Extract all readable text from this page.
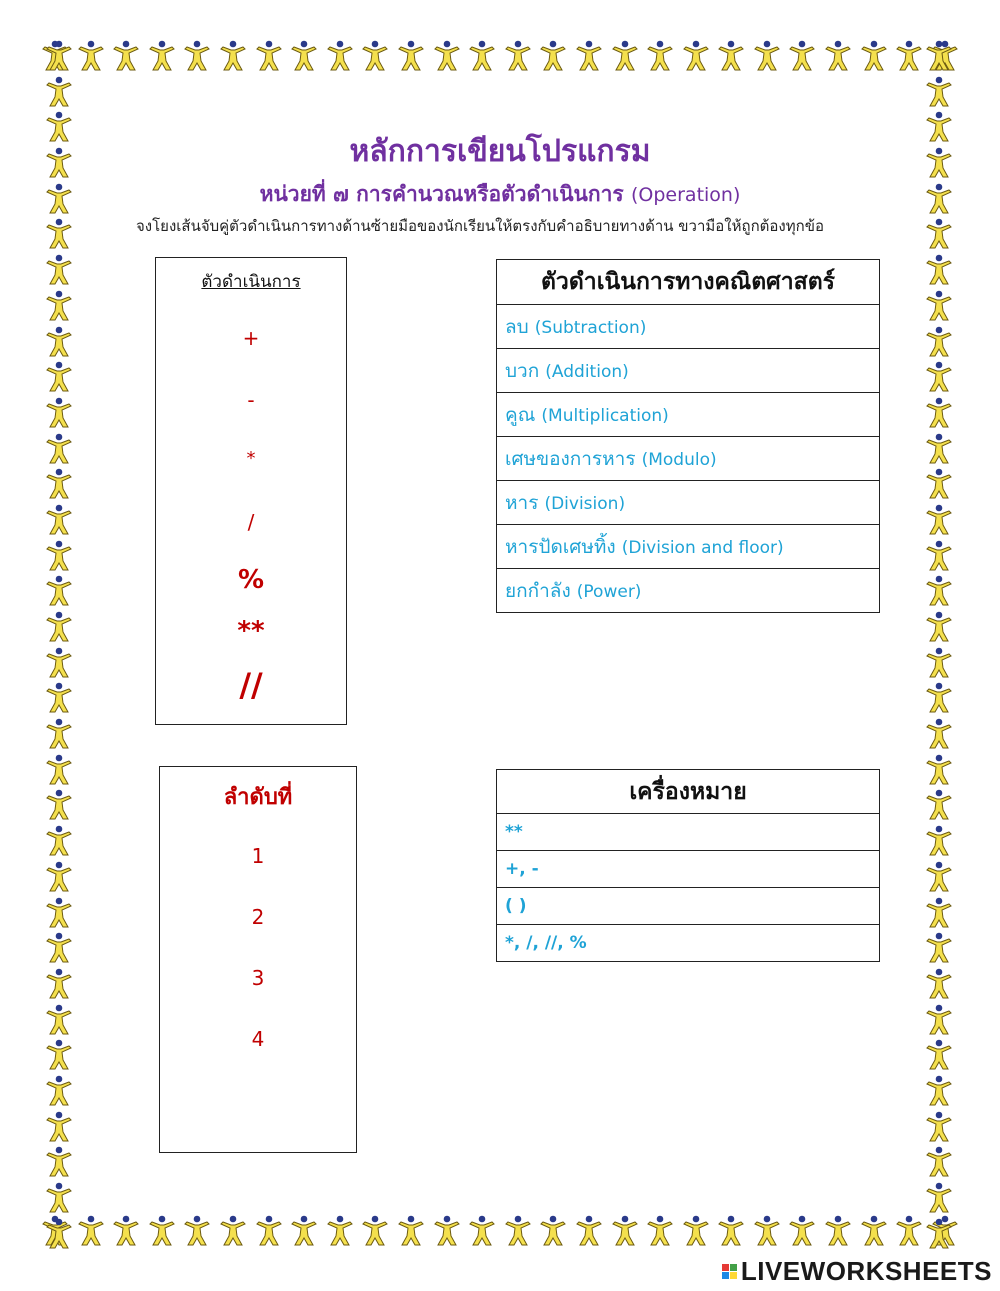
หลักการเขียนโปรแกรม
หน่วยที่ ๗ การคำนวณหรือตัวดำเนินการ (Operation)
จงโยงเส้นจับคู่ตัวดำเนินการทางด้านซ้ายมือของนักเรียนให้ตรงกับคำอธิบายทางด้าน ขวามือให้ถูกต้องทุกข้อ
ตัวดำเนินการ
+
-
*
/
%
**
//
ตัวดำเนินการทางคณิตศาสตร์
ลบ (Subtraction)
บวก (Addition)
คูณ (Multiplication)
เศษของการหาร (Modulo)
หาร (Division)
หารปัดเศษทิ้ง (Division and floor)
ยกกำลัง (Power)
ลำดับที่
1
2
3
4
เครื่องหมาย
**
+, -
( )
*, /, //, %
LIVEWORKSHEETS
